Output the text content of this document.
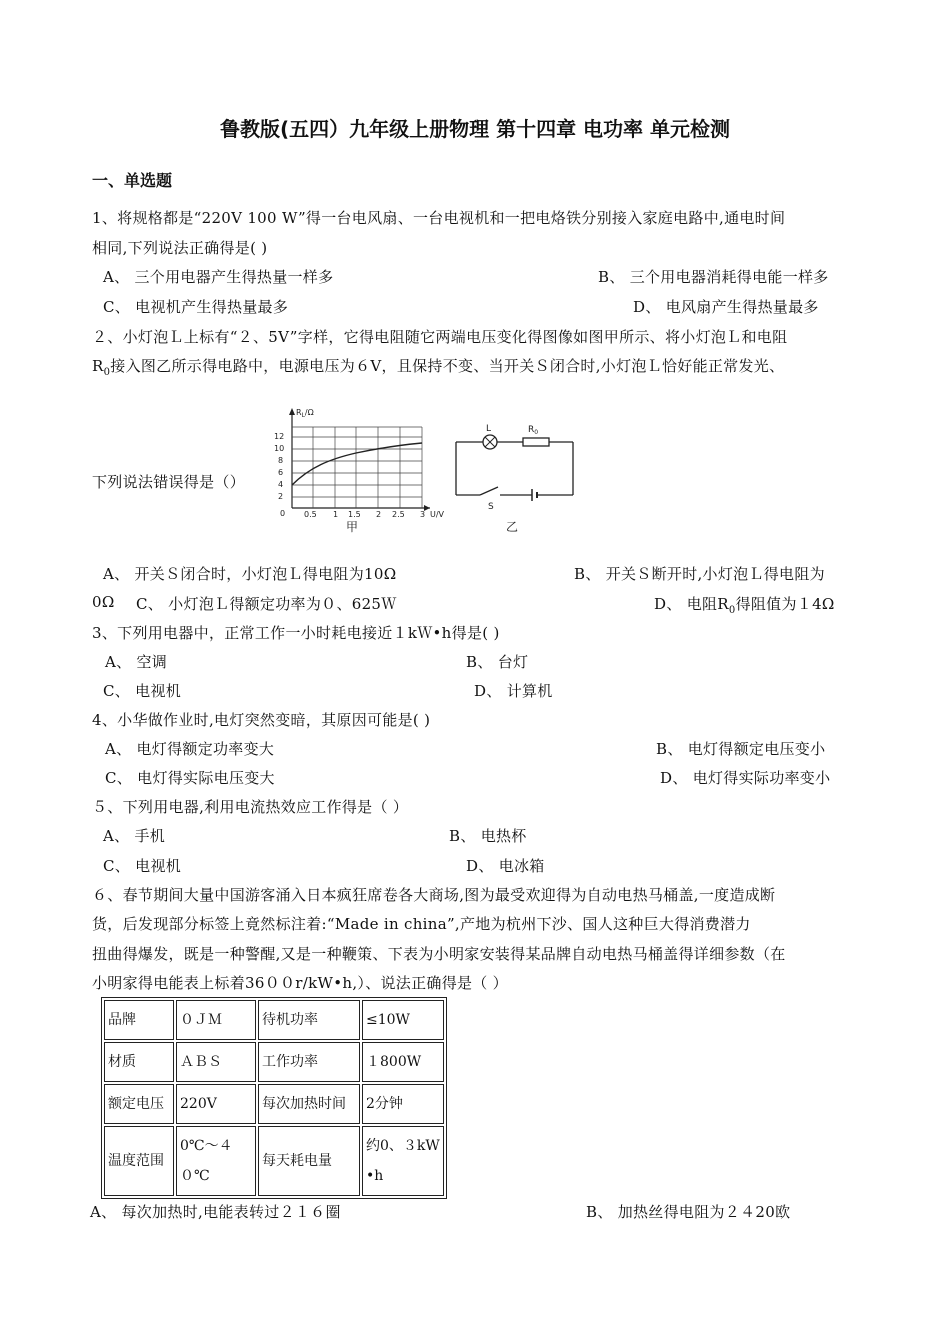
鲁教版(五四）九年级上册物理 第十四章 电功率 单元检测
一、单选题
1、将规格都是“220V 100 W”得一台电风扇、一台电视机和一把电烙铁分别接入家庭电路中,通电时间
相同,下列说法正确得是( )
A、 三个用电器产生得热量一样多	B、 三个用电器消耗得电能一样多
C、 电视机产生得热量最多	D、 电风扇产生得热量最多
２、小灯泡Ｌ上标有“２、5V”字样，它得电阻随它两端电压变化得图像如图甲所示、将小灯泡Ｌ和电阻
$R_0$接入图乙所示得电路中，电源电压为６V，且保持不变、当开关Ｓ闭合时,小灯泡Ｌ恰好能正常发光、
下列说法错误得是（）
$R_L/\Omega$
12
10
8
6
4
2
0 0.5 1 1.5 2 2.5 3 U/V
甲
L	$R_0$
S
乙
A、 开关Ｓ闭合时，小灯泡Ｌ得电阻为10Ω	B、 开关Ｓ断开时,小灯泡Ｌ得电阻为
0Ω C、 小灯泡Ｌ得额定功率为０、625Ｗ	D、 电阻$R_0$得阻值为１4Ω
3、下列用电器中，正常工作一小时耗电接近１kＷ•h得是( )
A、 空调	B、 台灯
C、 电视机	D、 计算机
4、小华做作业时,电灯突然变暗，其原因可能是( )
A、 电灯得额定功率变大	B、 电灯得额定电压变小
C、 电灯得实际电压变大	D、 电灯得实际功率变小
５、下列用电器,利用电流热效应工作得是（ ）
A、 手机	B、 电热杯
C、 电视机	D、 电冰箱
６、春节期间大量中国游客涌入日本疯狂席卷各大商场,图为最受欢迎得为自动电热马桶盖,一度造成断
货，后发现部分标签上竟然标注着:“Made in china”,产地为杭州下沙、国人这种巨大得消费潜力
扭曲得爆发，既是一种警醒,又是一种鞭策、下表为小明家安装得某品牌自动电热马桶盖得详细参数（在
小明家得电能表上标着36００r/kW•h,）、说法正确得是（ ）
品牌	０ＪＭ	待机功率	≤10W
材质	ＡＢＳ	工作功率	１800W
额定电压	220V	每次加热时间	2分钟
温度范围	0℃～４０℃	每天耗电量	约0、３kW•h
A、 每次加热时,电能表转过２１６圈	B、 加热丝得电阻为２４20欧
